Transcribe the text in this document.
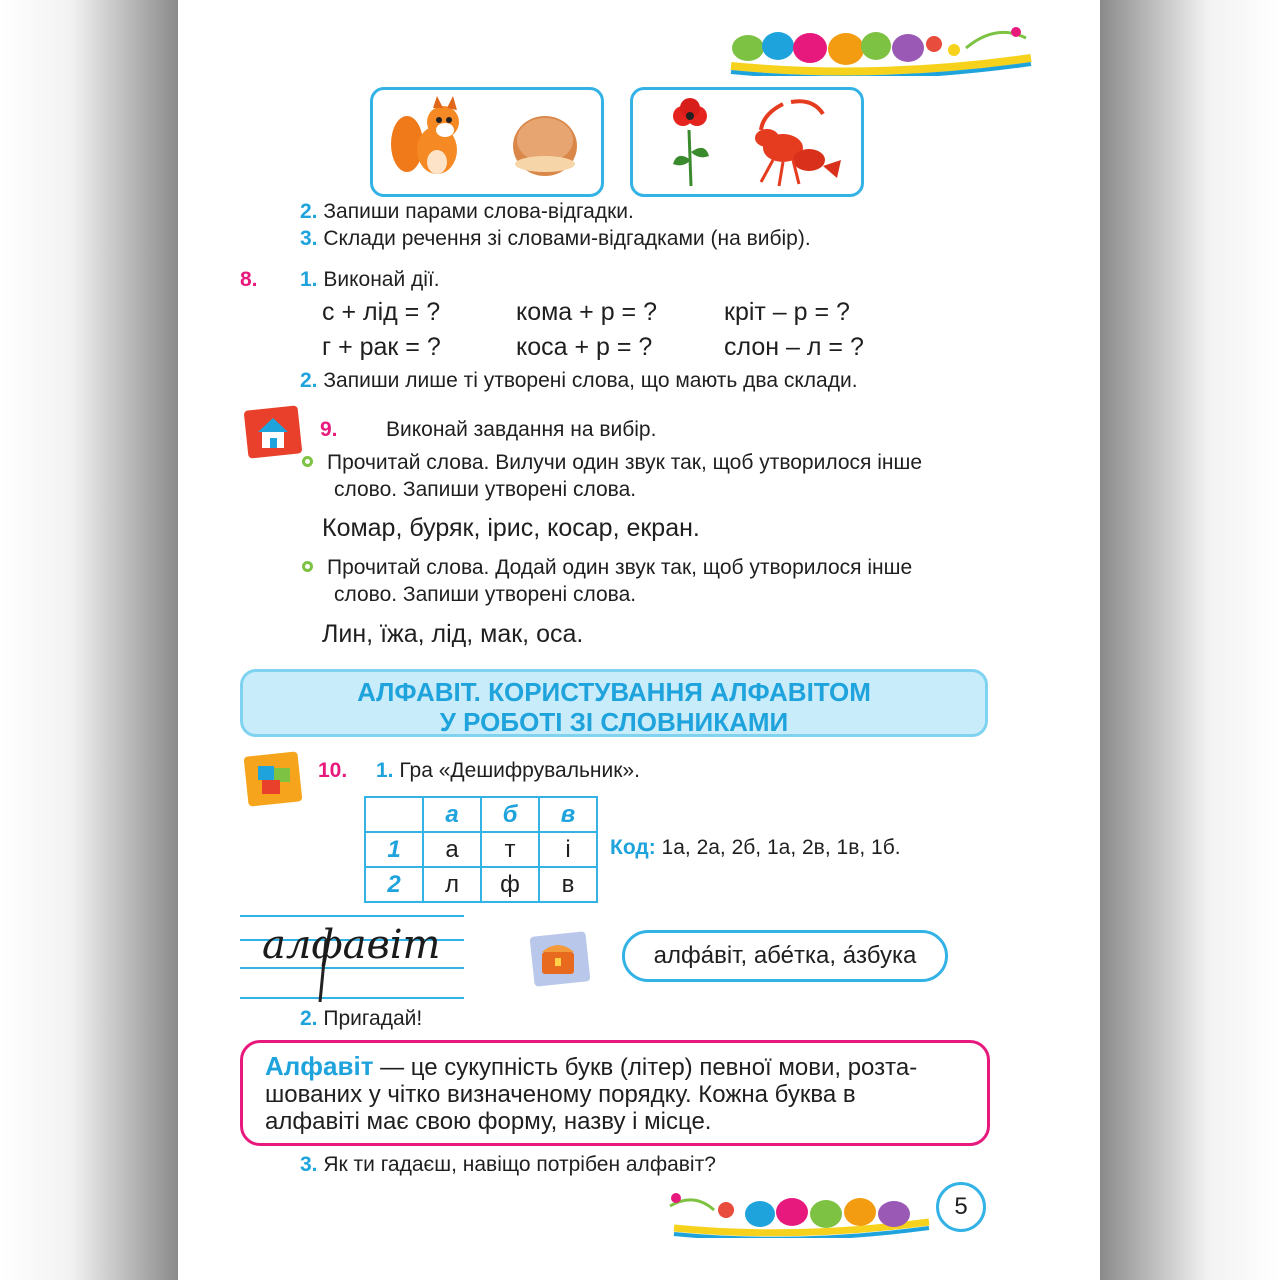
2. Запиши парами слова-відгадки.
3. Склади речення зі словами-відгадками (на вибір).
8. 1. Виконай дії.
с + лід = ?	кома + р = ?	кріт – р = ?
г + рак = ?	коса + р = ?	слон – л = ?
2. Запиши лише ті утворені слова, що мають два склади.
9. Виконай завдання на вибір.
Прочитай слова. Вилучи один звук так, щоб утворилося інше
слово. Запиши утворені слова.
Комар, буряк, ірис, косар, екран.
Прочитай слова. Додай один звук так, щоб утворилося інше
слово. Запиши утворені слова.
Лин, їжа, лід, мак, оса.
АЛФАВІТ. КОРИСТУВАННЯ АЛФАВІТОМ
У РОБОТІ ЗІ СЛОВНИКАМИ
10. 1. Гра «Дешифрувальник».
	а	б	в
1	а	т	і
2	л	ф	в
Код: 1а, 2а, 2б, 1а, 2в, 1в, 1б.
алфавіт	алфа́віт, абе́тка, а́збука
2. Пригадай!
Алфавіт — це сукупність букв (літер) певної мови, розта-
шованих у чітко визначеному порядку. Кожна буква в
алфавіті має свою форму, назву і місце.
3. Як ти гадаєш, навіщо потрібен алфавіт?
5
